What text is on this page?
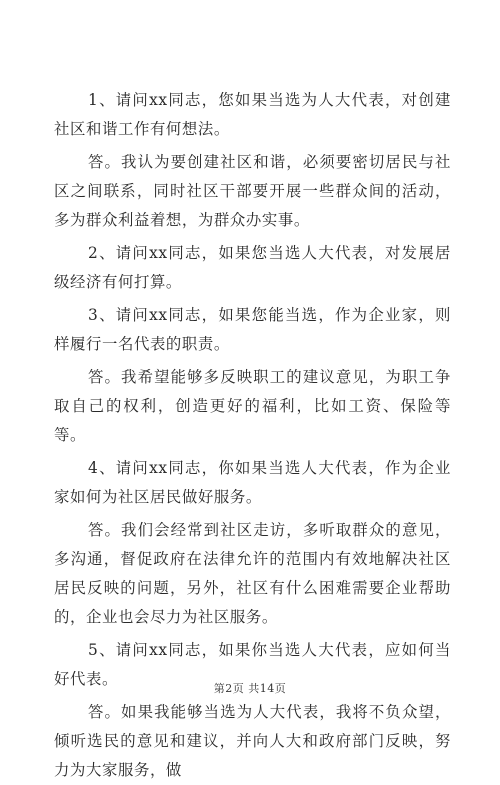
1、请问xx同志，您如果当选为人大代表，对创建社区和谐工作有何想法。

答。我认为要创建社区和谐，必须要密切居民与社区之间联系，同时社区干部要开展一些群众间的活动，多为群众利益着想，为群众办实事。

2、请问xx同志，如果您当选人大代表，对发展居级经济有何打算。

3、请问xx同志，如果您能当选，作为企业家，则样履行一名代表的职责。

答。我希望能够多反映职工的建议意见，为职工争取自己的权利，创造更好的福利，比如工资、保险等等。

4、请问xx同志，你如果当选人大代表，作为企业家如何为社区居民做好服务。

答。我们会经常到社区走访，多听取群众的意见，多沟通，督促政府在法律允许的范围内有效地解决社区居民反映的问题，另外，社区有什么困难需要企业帮助的，企业也会尽力为社区服务。

5、请问xx同志，如果你当选人大代表，应如何当好代表。

答。如果我能够当选为人大代表，我将不负众望，倾听选民的意见和建议，并向人大和政府部门反映，努力为大家服务，做

第2页 共14页
